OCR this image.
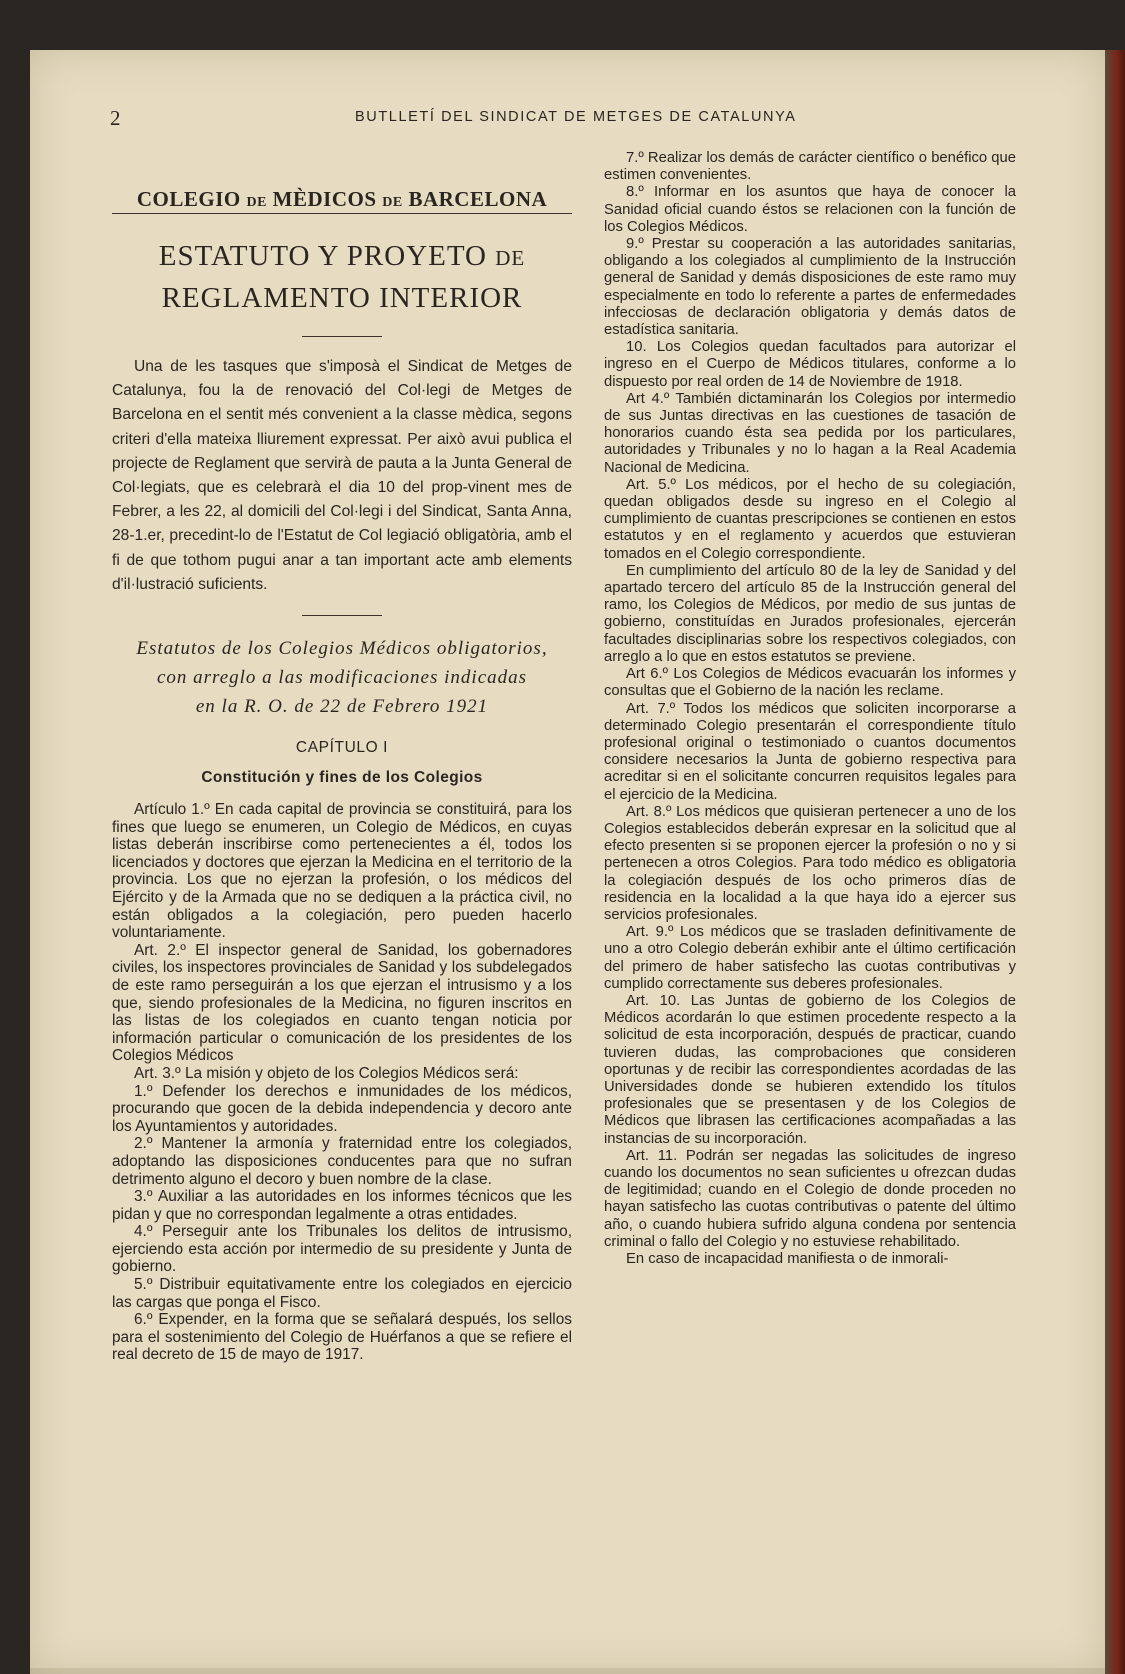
2	BUTLLETÍ DEL SINDICAT DE METGES DE CATALUNYA
COLEGIO DE MÈDICOS DE BARCELONA
ESTATUTO Y PROYETO DE
REGLAMENTO INTERIOR

Una de les tasques que s'imposà el Sindicat de Metges de Catalunya, fou la de renovació del Col·legi de Metges de Barcelona en el sentit més convenient a la classe mèdica, segons criteri d'ella mateixa lliurement expressat. Per això avui publica el projecte de Reglament que servirà de pauta a la Junta General de Col·legiats, que es celebrarà el dia 10 del prop-vinent mes de Febrer, a les 22, al domicili del Col·legi i del Sindicat, Santa Anna, 28-1.er, precedint-lo de l'Estatut de Col legiació obligatòria, amb el fi de que tothom pugui anar a tan important acte amb elements d'il·lustració suficients.

Estatutos de los Colegios Médicos obligatorios,
con arreglo a las modificaciones indicadas
en la R. O. de 22 de Febrero 1921
CAPÍTULO I
Constitución y fines de los Colegios

Artículo 1.º En cada capital de provincia se constituirá, para los fines que luego se enumeren, un Colegio de Médicos, en cuyas listas deberán inscribirse como pertenecientes a él, todos los licenciados y doctores que ejerzan la Medicina en el territorio de la provincia. Los que no ejerzan la profesión, o los médicos del Ejército y de la Armada que no se dediquen a la práctica civil, no están obligados a la colegiación, pero pueden hacerlo voluntariamente.

Art. 2.º El inspector general de Sanidad, los gobernadores civiles, los inspectores provinciales de Sanidad y los subdelegados de este ramo perseguirán a los que ejerzan el intrusismo y a los que, siendo profesionales de la Medicina, no figuren inscritos en las listas de los colegiados en cuanto tengan noticia por información particular o comunicación de los presidentes de los Colegios Médicos

Art. 3.º La misión y objeto de los Colegios Médicos será:

1.º Defender los derechos e inmunidades de los médicos, procurando que gocen de la debida independencia y decoro ante los Ayuntamientos y autoridades.

2.º Mantener la armonía y fraternidad entre los colegiados, adoptando las disposiciones conducentes para que no sufran detrimento alguno el decoro y buen nombre de la clase.

3.º Auxiliar a las autoridades en los informes técnicos que les pidan y que no correspondan legalmente a otras entidades.

4.º Perseguir ante los Tribunales los delitos de intrusismo, ejerciendo esta acción por intermedio de su presidente y Junta de gobierno.

5.º Distribuir equitativamente entre los colegiados en ejercicio las cargas que ponga el Fisco.

6.º Expender, en la forma que se señalará después, los sellos para el sostenimiento del Colegio de Huérfanos a que se refiere el real decreto de 15 de mayo de 1917.

7.º Realizar los demás de carácter científico o benéfico que estimen convenientes.

8.º Informar en los asuntos que haya de conocer la Sanidad oficial cuando éstos se relacionen con la función de los Colegios Médicos.

9.º Prestar su cooperación a las autoridades sanitarias, obligando a los colegiados al cumplimiento de la Instrucción general de Sanidad y demás disposiciones de este ramo muy especialmente en todo lo referente a partes de enfermedades infecciosas de declaración obligatoria y demás datos de estadística sanitaria.

10. Los Colegios quedan facultados para autorizar el ingreso en el Cuerpo de Médicos titulares, conforme a lo dispuesto por real orden de 14 de Noviembre de 1918.

Art 4.º También dictaminarán los Colegios por intermedio de sus Juntas directivas en las cuestiones de tasación de honorarios cuando ésta sea pedida por los particulares, autoridades y Tribunales y no lo hagan a la Real Academia Nacional de Medicina.

Art. 5.º Los médicos, por el hecho de su colegiación, quedan obligados desde su ingreso en el Colegio al cumplimiento de cuantas prescripciones se contienen en estos estatutos y en el reglamento y acuerdos que estuvieran tomados en el Colegio correspondiente.

En cumplimiento del artículo 80 de la ley de Sanidad y del apartado tercero del artículo 85 de la Instrucción general del ramo, los Colegios de Médicos, por medio de sus juntas de gobierno, constituídas en Jurados profesionales, ejercerán facultades disciplinarias sobre los respectivos colegiados, con arreglo a lo que en estos estatutos se previene.

Art 6.º Los Colegios de Médicos evacuarán los informes y consultas que el Gobierno de la nación les reclame.

Art. 7.º Todos los médicos que soliciten incorporarse a determinado Colegio presentarán el correspondiente título profesional original o testimoniado o cuantos documentos considere necesarios la Junta de gobierno respectiva para acreditar si en el solicitante concurren requisitos legales para el ejercicio de la Medicina.

Art. 8.º Los médicos que quisieran pertenecer a uno de los Colegios establecidos deberán expresar en la solicitud que al efecto presenten si se proponen ejercer la profesión o no y si pertenecen a otros Colegios. Para todo médico es obligatoria la colegiación después de los ocho primeros días de residencia en la localidad a la que haya ido a ejercer sus servicios profesionales.

Art. 9.º Los médicos que se trasladen definitivamente de uno a otro Colegio deberán exhibir ante el último certificación del primero de haber satisfecho las cuotas contributivas y cumplido correctamente sus deberes profesionales.

Art. 10. Las Juntas de gobierno de los Colegios de Médicos acordarán lo que estimen procedente respecto a la solicitud de esta incorporación, después de practicar, cuando tuvieren dudas, las comprobaciones que consideren oportunas y de recibir las correspondientes acordadas de las Universidades donde se hubieren extendido los títulos profesionales que se presentasen y de los Colegios de Médicos que librasen las certificaciones acompañadas a las instancias de su incorporación.

Art. 11. Podrán ser negadas las solicitudes de ingreso cuando los documentos no sean suficientes u ofrezcan dudas de legitimidad; cuando en el Colegio de donde proceden no hayan satisfecho las cuotas contributivas o patente del último año, o cuando hubiera sufrido alguna condena por sentencia criminal o fallo del Colegio y no estuviese rehabilitado.

En caso de incapacidad manifiesta o de inmorali-
